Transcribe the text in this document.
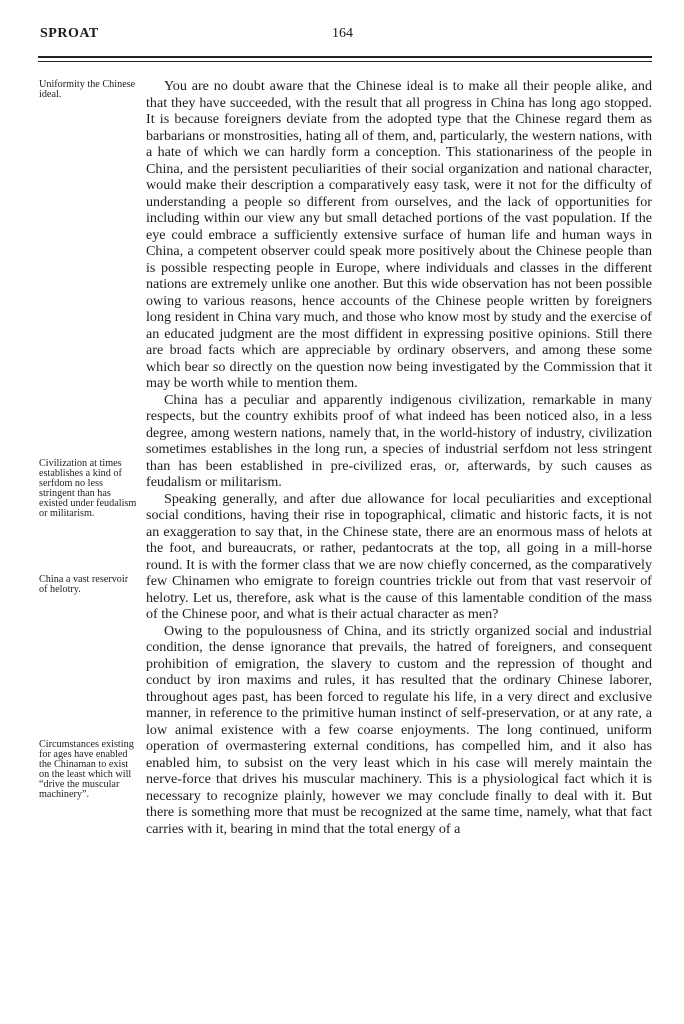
SPROAT	164
Uniformity the Chinese ideal.
Civilization at times establishes a kind of serfdom no less stringent than has existed under feudalism or militarism.
China a vast reservoir of helotry.
Circumstances existing for ages have enabled the Chinaman to exist on the least which will “drive the muscular machinery”.

You are no doubt aware that the Chinese ideal is to make all their people alike, and that they have succeeded, with the result that all progress in China has long ago stopped. It is because foreigners deviate from the adopted type that the Chinese regard them as barbarians or monstrosities, hating all of them, and, particularly, the western nations, with a hate of which we can hardly form a conception. This stationariness of the people in China, and the persistent peculiarities of their social organization and national character, would make their description a comparatively easy task, were it not for the difficulty of understanding a people so different from ourselves, and the lack of opportunities for including within our view any but small detached portions of the vast population. If the eye could embrace a sufficiently extensive surface of human life and human ways in China, a competent observer could speak more positively about the Chinese people than is possible respecting people in Europe, where individuals and classes in the different nations are extremely unlike one another. But this wide observation has not been possible owing to various reasons, hence accounts of the Chinese people written by foreigners long resident in China vary much, and those who know most by study and the exercise of an educated judgment are the most diffident in expressing positive opinions. Still there are broad facts which are appreciable by ordinary observers, and among these some which bear so directly on the question now being investigated by the Commission that it may be worth while to mention them.

China has a peculiar and apparently indigenous civilization, remarkable in many respects, but the country exhibits proof of what indeed has been noticed also, in a less degree, among western nations, namely that, in the world-history of industry, civilization sometimes establishes in the long run, a species of industrial serfdom not less stringent than has been established in pre-civilized eras, or, afterwards, by such causes as feudalism or militarism.

Speaking generally, and after due allowance for local peculiarities and exceptional social conditions, having their rise in topographical, climatic and historic facts, it is not an exaggeration to say that, in the Chinese state, there are an enormous mass of helots at the foot, and bureaucrats, or rather, pedantocrats at the top, all going in a mill-horse round. It is with the former class that we are now chiefly concerned, as the comparatively few Chinamen who emigrate to foreign countries trickle out from that vast reservoir of helotry. Let us, therefore, ask what is the cause of this lamentable condition of the mass of the Chinese poor, and what is their actual character as men?

Owing to the populousness of China, and its strictly organized social and industrial condition, the dense ignorance that prevails, the hatred of foreigners, and consequent prohibition of emigration, the slavery to custom and the repression of thought and conduct by iron maxims and rules, it has resulted that the ordinary Chinese laborer, throughout ages past, has been forced to regulate his life, in a very direct and exclusive manner, in reference to the primitive human instinct of self-preservation, or at any rate, a low animal existence with a few coarse enjoyments. The long continued, uniform operation of overmastering external conditions, has compelled him, and it also has enabled him, to subsist on the very least which in his case will merely maintain the nerve-force that drives his muscular machinery. This is a physiological fact which it is necessary to recognize plainly, however we may conclude finally to deal with it. But there is something more that must be recognized at the same time, namely, what that fact carries with it, bearing in mind that the total energy of a
